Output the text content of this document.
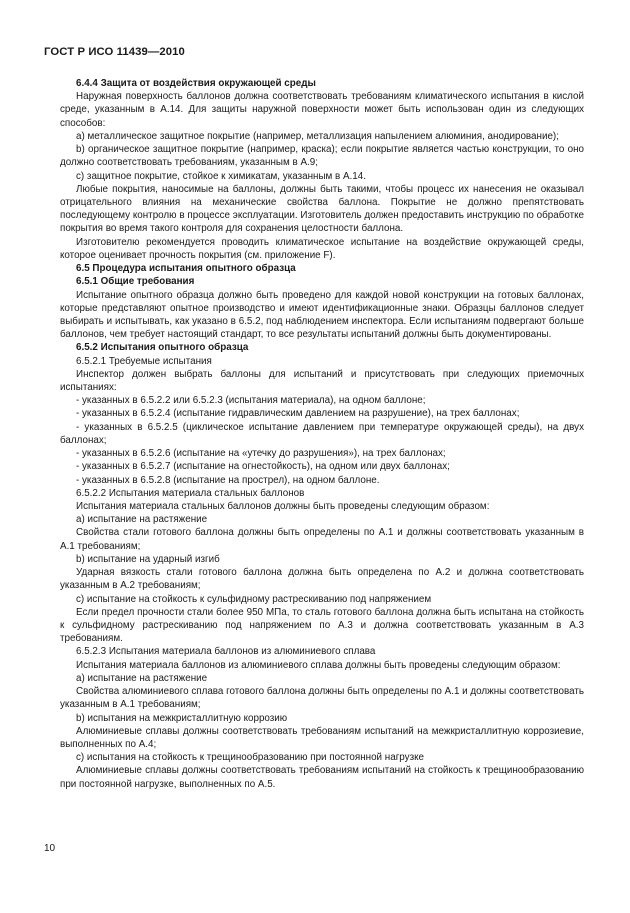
ГОСТ Р ИСО 11439—2010

6.4.4 Защита от воздействия окружающей среды

Наружная поверхность баллонов должна соответствовать требованиям климатического испытания в кислой среде, указанным в А.14. Для защиты наружной поверхности может быть использован один из следующих способов:

a) металлическое защитное покрытие (например, металлизация напылением алюминия, анодирование);

b) органическое защитное покрытие (например, краска); если покрытие является частью конструкции, то оно должно соответствовать требованиям, указанным в А.9;

c) защитное покрытие, стойкое к химикатам, указанным в А.14.

Любые покрытия, наносимые на баллоны, должны быть такими, чтобы процесс их нанесения не оказывал отрицательного влияния на механические свойства баллона. Покрытие не должно препятствовать последующему контролю в процессе эксплуатации. Изготовитель должен предоставить инструкцию по обработке покрытия во время такого контроля для сохранения целостности баллона.

Изготовителю рекомендуется проводить климатическое испытание на воздействие окружающей среды, которое оценивает прочность покрытия (см. приложение F).

6.5 Процедура испытания опытного образца

6.5.1 Общие требования

Испытание опытного образца должно быть проведено для каждой новой конструкции на готовых баллонах, которые представляют опытное производство и имеют идентификационные знаки. Образцы баллонов следует выбирать и испытывать, как указано в 6.5.2, под наблюдением инспектора. Если испытаниям подвергают больше баллонов, чем требует настоящий стандарт, то все результаты испытаний должны быть документированы.

6.5.2 Испытания опытного образца

6.5.2.1 Требуемые испытания

Инспектор должен выбрать баллоны для испытаний и присутствовать при следующих приемочных испытаниях:

- указанных в 6.5.2.2 или 6.5.2.3 (испытания материала), на одном баллоне;

- указанных в 6.5.2.4 (испытание гидравлическим давлением на разрушение), на трех баллонах;

- указанных в 6.5.2.5 (циклическое испытание давлением при температуре окружающей среды), на двух баллонах;

- указанных в 6.5.2.6 (испытание на «утечку до разрушения»), на трех баллонах;

- указанных в 6.5.2.7 (испытание на огнестойкость), на одном или двух баллонах;

- указанных в 6.5.2.8 (испытание на прострел), на одном баллоне.

6.5.2.2 Испытания материала стальных баллонов

Испытания материала стальных баллонов должны быть проведены следующим образом:

a) испытание на растяжение

Свойства стали готового баллона должны быть определены по А.1 и должны соответствовать указанным в А.1 требованиям;

b) испытание на ударный изгиб

Ударная вязкость стали готового баллона должна быть определена по А.2 и должна соответствовать указанным в А.2 требованиям;

c) испытание на стойкость к сульфидному растрескиванию под напряжением

Если предел прочности стали более 950 МПа, то сталь готового баллона должна быть испытана на стойкость к сульфидному растрескиванию под напряжением по А.3 и должна соответствовать указанным в А.3 требованиям.

6.5.2.3 Испытания материала баллонов из алюминиевого сплава

Испытания материала баллонов из алюминиевого сплава должны быть проведены следующим образом:

a) испытание на растяжение

Свойства алюминиевого сплава готового баллона должны быть определены по А.1 и должны соответствовать указанным в А.1 требованиям;

b) испытания на межкристаллитную коррозию

Алюминиевые сплавы должны соответствовать требованиям испытаний на межкристаллитную коррозиевие, выполненных по А.4;

c) испытания на стойкость к трещинообразованию при постоянной нагрузке

Алюминиевые сплавы должны соответствовать требованиям испытаний на стойкость к трещинообразованию при постоянной нагрузке, выполненных по А.5.

10
